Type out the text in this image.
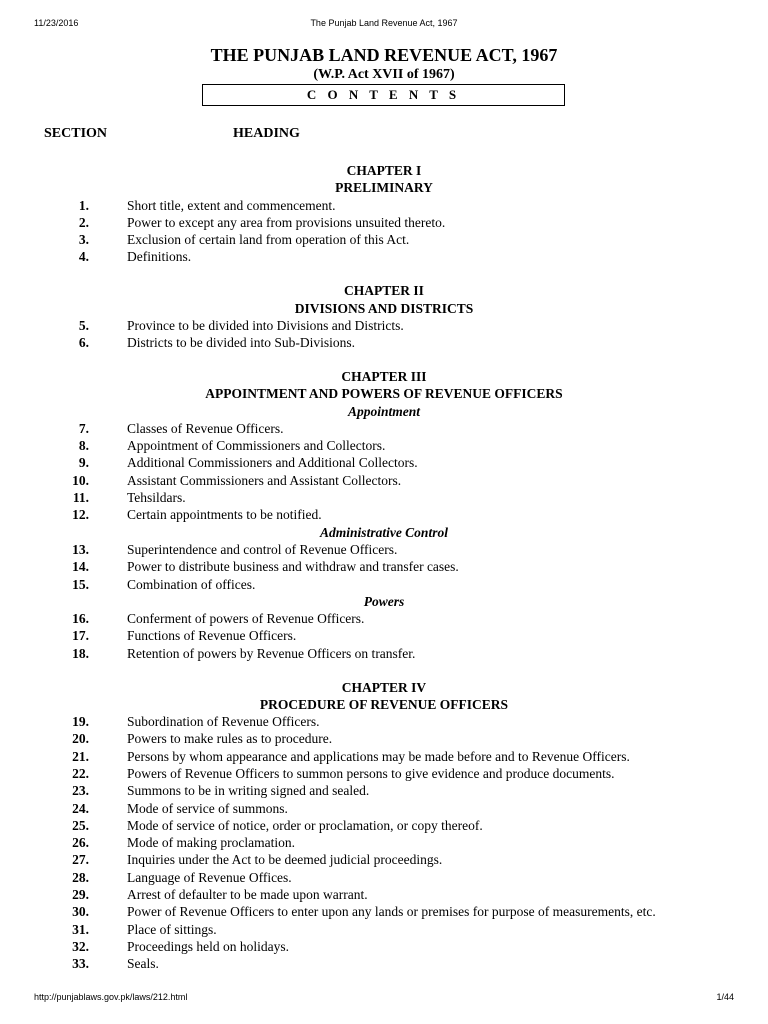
11/23/2016	The Punjab Land Revenue Act, 1967
THE PUNJAB LAND REVENUE ACT, 1967
(W.P. Act XVII of 1967)
C O N T E N T S
SECTION	HEADING
CHAPTER I
PRELIMINARY
1.	Short title, extent and commencement.
2.	Power to except any area from provisions unsuited thereto.
3.	Exclusion of certain land from operation of this Act.
4.	Definitions.
CHAPTER II
DIVISIONS AND DISTRICTS
5.	Province to be divided into Divisions and Districts.
6.	Districts to be divided into Sub-Divisions.
CHAPTER III
APPOINTMENT AND POWERS OF REVENUE OFFICERS
Appointment
7.	Classes of Revenue Officers.
8.	Appointment of Commissioners and Collectors.
9.	Additional Commissioners and Additional Collectors.
10.	Assistant Commissioners and Assistant Collectors.
11.	Tehsildars.
12.	Certain appointments to be notified.
Administrative Control
13.	Superintendence and control of Revenue Officers.
14.	Power to distribute business and withdraw and transfer cases.
15.	Combination of offices.
Powers
16.	Conferment of powers of Revenue Officers.
17.	Functions of Revenue Officers.
18.	Retention of powers by Revenue Officers on transfer.
CHAPTER IV
PROCEDURE OF REVENUE OFFICERS
19.	Subordination of Revenue Officers.
20.	Powers to make rules as to procedure.
21.	Persons by whom appearance and applications may be made before and to Revenue Officers.
22.	Powers of Revenue Officers to summon persons to give evidence and produce documents.
23.	Summons to be in writing signed and sealed.
24.	Mode of service of summons.
25.	Mode of service of notice, order or proclamation, or copy thereof.
26.	Mode of making proclamation.
27.	Inquiries under the Act to be deemed judicial proceedings.
28.	Language of Revenue Offices.
29.	Arrest of defaulter to be made upon warrant.
30.	Power of Revenue Officers to enter upon any lands or premises for purpose of measurements, etc.
31.	Place of sittings.
32.	Proceedings held on holidays.
33.	Seals.
http://punjablaws.gov.pk/laws/212.html	1/44
